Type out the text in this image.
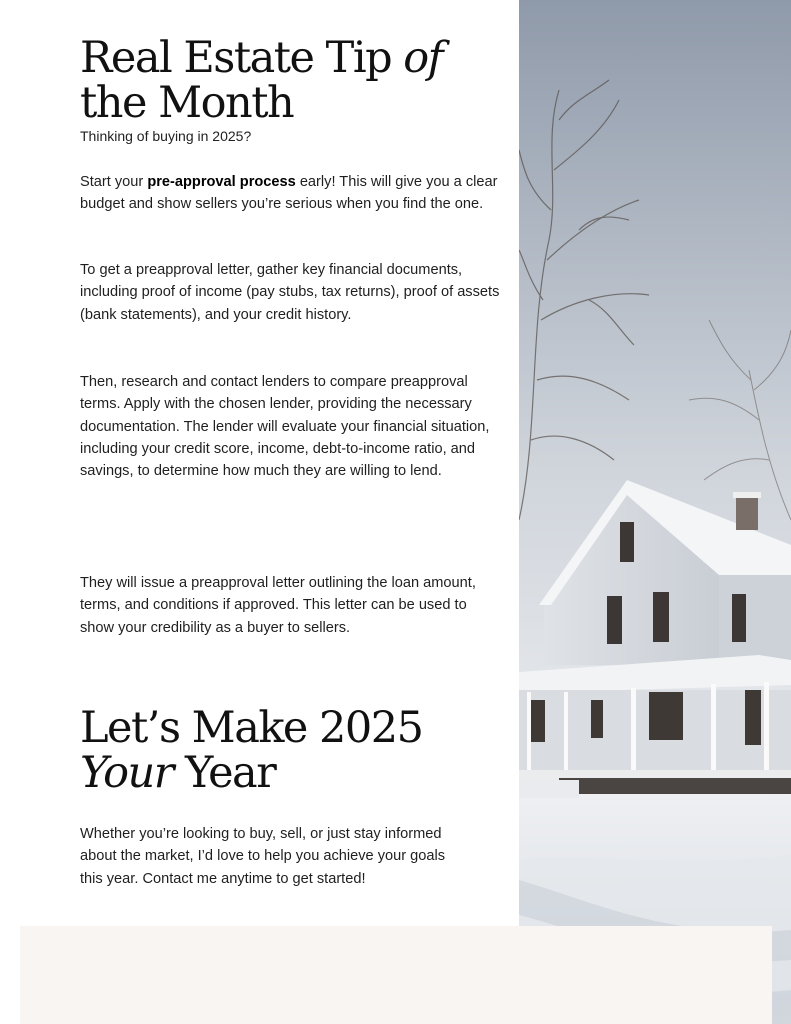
Real Estate Tip of
the Month

Thinking of buying in 2025?

Start your pre-approval process early! This will give you a clear budget and show sellers you’re serious when you find the one.

To get a preapproval letter, gather key financial documents, including proof of income (pay stubs, tax returns), proof of assets (bank statements), and your credit history.

Then, research and contact lenders to compare preapproval terms. Apply with the chosen lender, providing the necessary documentation. The lender will evaluate your financial situation, including your credit score, income, debt-to-income ratio, and savings, to determine how much they are willing to lend.

They will issue a preapproval letter outlining the loan amount, terms, and conditions if approved. This letter can be used to show your credibility as a buyer to sellers.

Let’s Make 2025
Your Year

Whether you’re looking to buy, sell, or just stay informed about the market, I’d love to help you achieve your goals this year. Contact me anytime to get started!
